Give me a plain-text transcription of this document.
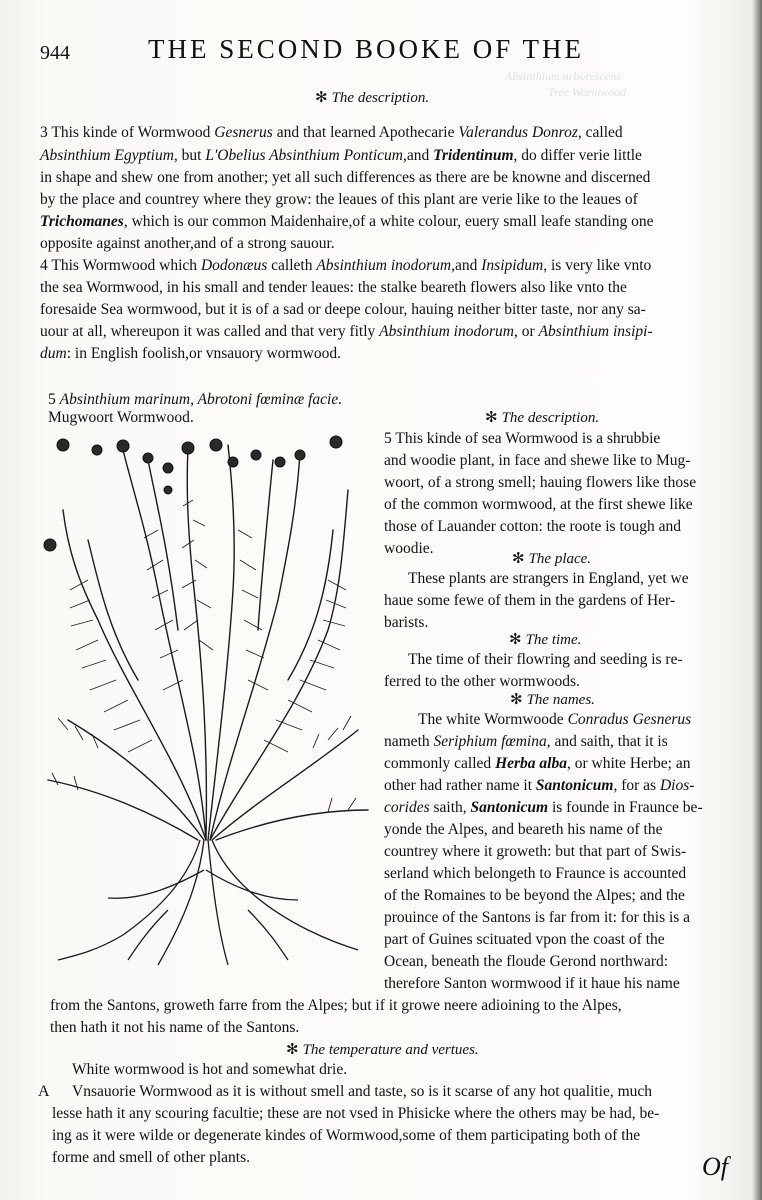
Absinthium arborescens
Tree Wormwood
944	THE SECOND BOOKE OF THE
✻ The description.
3 This kinde of Wormwood Gesnerus and that learned Apothecarie Valerandus Donroz, called
Absinthium Egyptium, but L'Obelius Absinthium Ponticum,and Tridentinum, do differ verie little
in shape and shew one from another; yet all such differences as there are be knowne and discerned
by the place and countrey where they grow: the leaues of this plant are verie like to the leaues of
Trichomanes, which is our common Maidenhaire,of a white colour, euery small leafe standing one
opposite against another,and of a strong sauour.
4 This Wormwood which Dodonæus calleth Absinthium inodorum,and Insipidum, is very like vnto
the sea Wormwood, in his small and tender leaues: the stalke beareth flowers also like vnto the
foresaide Sea wormwood, but it is of a sad or deepe colour, hauing neither bitter taste, nor any sa-
uour at all, whereupon it was called and that very fitly Absinthium inodorum, or Absinthium insipi-
dum: in English foolish,or vnsauory wormwood.
5 Absinthium marinum, Abrotoni fœminæ facie.
Mugwoort Wormwood.	✻ The description.
5 This kinde of sea Wormwood is a shrubbie
and woodie plant, in face and shewe like to Mug-
woort, of a strong smell; hauing flowers like those
of the common wormwood, at the first shewe like
those of Lauander cotton: the roote is tough and
woodie.
✻ The place.
These plants are strangers in England, yet we
haue some fewe of them in the gardens of Her-
barists.
✻ The time.
The time of their flowring and seeding is re-
ferred to the other wormwoods.
✻ The names.
The white Wormwoode Conradus Gesnerus
nameth Seriphium fœmina, and saith, that it is
commonly called Herba alba, or white Herbe; an
other had rather name it Santonicum, for as Dios-
corides saith, Santonicum is founde in Fraunce be-
yonde the Alpes, and beareth his name of the
countrey where it groweth: but that part of Swis-
serland which belongeth to Fraunce is accounted
of the Romaines to be beyond the Alpes; and the
prouince of the Santons is far from it: for this is a
part of Guines scituated vpon the coast of the
Ocean, beneath the floude Gerond northward:
therefore Santon wormwood if it haue his name
from the Santons, groweth farre from the Alpes; but if it growe neere adioining to the Alpes,
then hath it not his name of the Santons.
✻ The temperature and vertues.
White wormwood is hot and somewhat drie.
A Vnsauorie Wormwood as it is without smell and taste, so is it scarse of any hot qualitie, much
lesse hath it any scouring facultie; these are not vsed in Phisicke where the others may be had, be-
ing as it were wilde or degenerate kindes of Wormwood,some of them participating both of the
forme and smell of other plants.	Of
